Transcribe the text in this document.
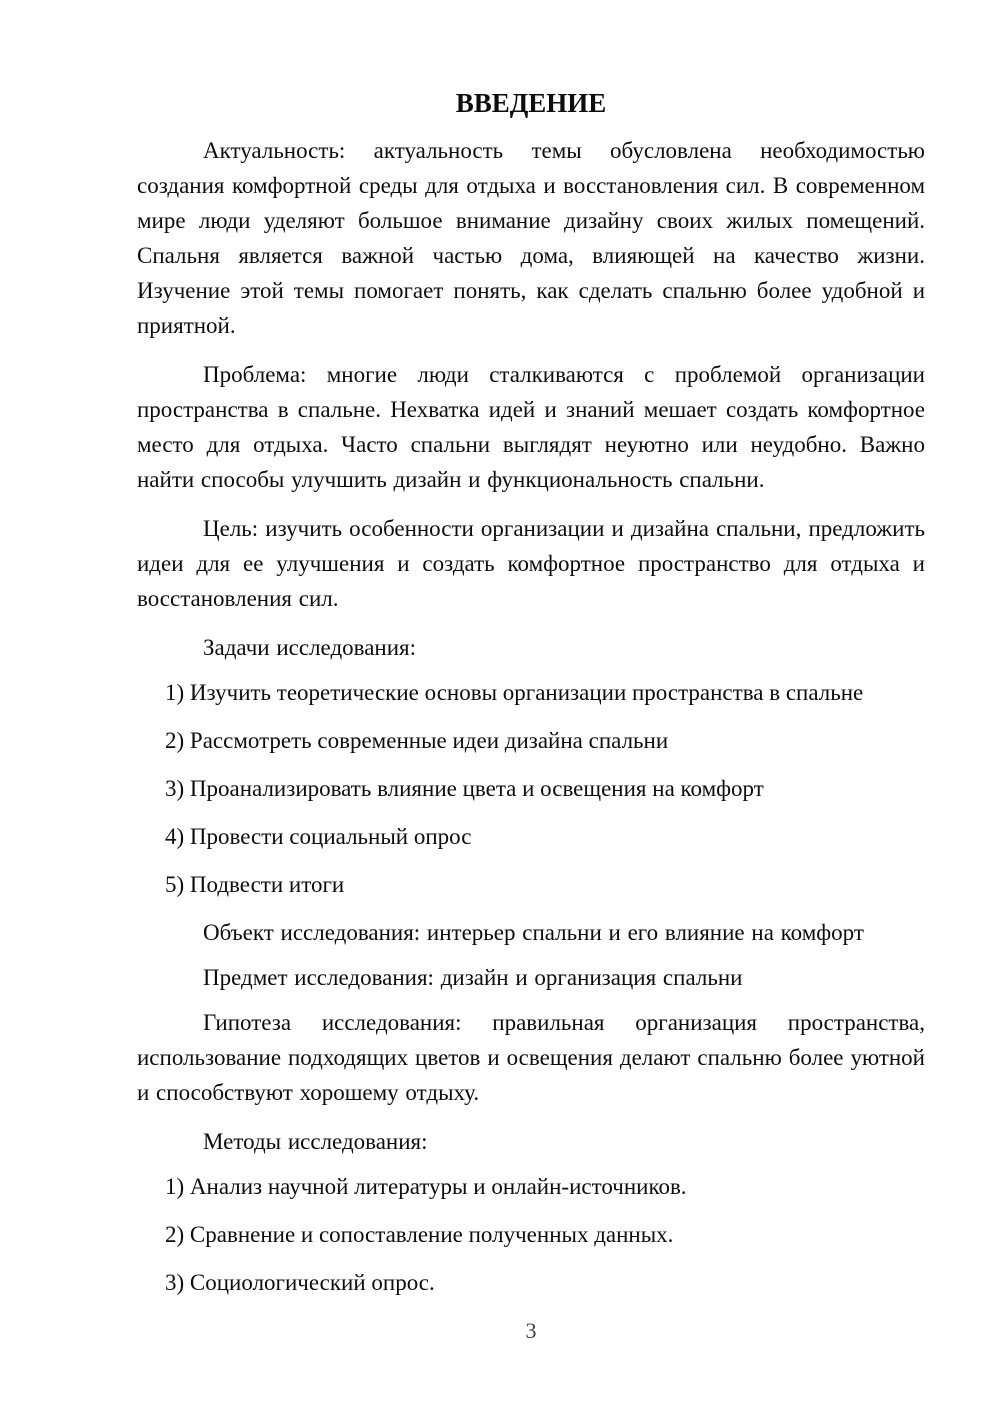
ВВЕДЕНИЕ

Актуальность: актуальность темы обусловлена необходимостью создания комфортной среды для отдыха и восстановления сил. В современном мире люди уделяют большое внимание дизайну своих жилых помещений. Спальня является важной частью дома, влияющей на качество жизни. Изучение этой темы помогает понять, как сделать спальню более удобной и приятной.

Проблема: многие люди сталкиваются с проблемой организации пространства в спальне. Нехватка идей и знаний мешает создать комфортное место для отдыха. Часто спальни выглядят неуютно или неудобно. Важно найти способы улучшить дизайн и функциональность спальни.

Цель: изучить особенности организации и дизайна спальни, предложить идеи для ее улучшения и создать комфортное пространство для отдыха и восстановления сил.

Задачи исследования:

1) Изучить теоретические основы организации пространства в спальне

2) Рассмотреть современные идеи дизайна спальни

3) Проанализировать влияние цвета и освещения на комфорт

4) Провести социальный опрос

5) Подвести итоги

Объект исследования: интерьер спальни и его влияние на комфорт

Предмет исследования: дизайн и организация спальни

Гипотеза исследования: правильная организация пространства, использование подходящих цветов и освещения делают спальню более уютной и способствуют хорошему отдыху.

Методы исследования:

1) Анализ научной литературы и онлайн-источников.

2) Сравнение и сопоставление полученных данных.

3) Социологический опрос.

3
